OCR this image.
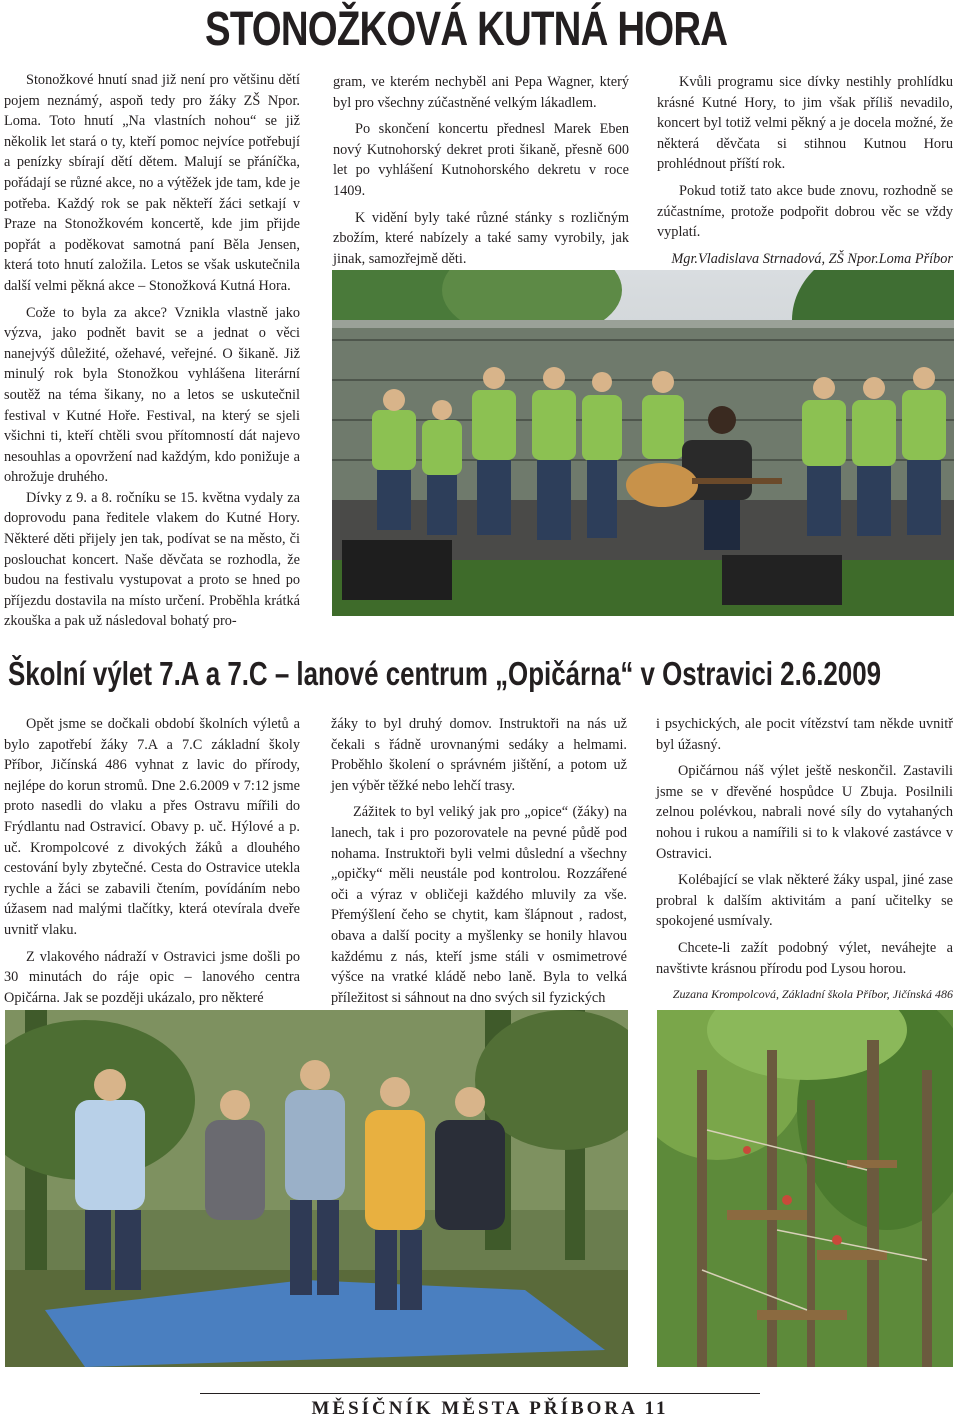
STONOŽKOVÁ KUTNÁ HORA

Stonožkové hnutí snad již není pro většinu dětí pojem neznámý, aspoň tedy pro žáky ZŠ Npor. Loma. Toto hnutí „Na vlastních nohou“ se již několik let stará o ty, kteří pomoc nejvíce potřebují a penízky sbírají dětí dětem. Malují se přáníčka, pořádají se různé akce, no a výtěžek jde tam, kde je potřeba. Každý rok se pak někteří žáci setkají v Praze na Stonožkovém koncertě, kde jim přijde popřát a poděkovat samotná paní Běla Jensen, která toto hnutí založila. Letos se však uskutečnila další velmi pěkná akce – Stonožková Kutná Hora.

Cože to byla za akce? Vznikla vlastně jako výzva, jako podnět bavit se a jednat o věci nanejvýš důležité, ožehavé, veřejné. O šikaně. Již minulý rok byla Stonožkou vyhlášena literární soutěž na téma šikany, no a letos se uskutečnil festival v Kutné Hoře. Festival, na který se sjeli všichni ti, kteří chtěli svou přítomností dát najevo nesouhlas a opovržení nad každým, kdo ponižuje a ohrožuje druhého.

Dívky z 9. a 8. ročníku se 15. května vydaly za doprovodu pana ředitele vlakem do Kutné Hory. Některé děti přijely jen tak, podívat se na město, či poslouchat koncert. Naše děvčata se rozhodla, že budou na festivalu vystupovat a proto se hned po příjezdu dostavila na místo určení. Proběhla krátká zkouška a pak už následoval bohatý pro-

gram, ve kterém nechyběl ani Pepa Wagner, který byl pro všechny zúčastněné velkým lákadlem.

Po skončení koncertu přednesl Marek Eben nový Kutnohorský dekret proti šikaně, přesně 600 let po vyhlášení Kutnohorského dekretu v roce 1409.

K vidění byly také různé stánky s rozličným zbožím, které nabízely a také samy vyrobily, jak jinak, samozřejmě děti.

Kvůli programu sice dívky nestihly prohlídku krásné Kutné Hory, to jim však příliš nevadilo, koncert byl totiž velmi pěkný a je docela možné, že některá děvčata si stihnou Kutnou Horu prohlédnout příští rok.

Pokud totiž tato akce bude znovu, rozhodně se zúčastníme, protože podpořit dobrou věc se vždy vyplatí.

Mgr.Vladislava Strnadová, ZŠ Npor.Loma Příbor

Školní výlet 7.A a 7.C – lanové centrum „Opičárna“ v Ostravici 2.6.2009

Opět jsme se dočkali období školních výletů a bylo zapotřebí žáky 7.A a 7.C základní školy Příbor, Jičínská 486 vyhnat z lavic do přírody, nejlépe do korun stromů. Dne 2.6.2009 v 7:12 jsme proto nasedli do vlaku a přes Ostravu mířili do Frýdlantu nad Ostravicí. Obavy p. uč. Hýlové a p. uč. Krompolcové z divokých žáků a dlouhého cestování byly zbytečné. Cesta do Ostravice utekla rychle a žáci se zabavili čtením, povídáním nebo úžasem nad malými tlačítky, která otevírala dveře uvnitř vlaku.

Z vlakového nádraží v Ostravici jsme došli po 30 minutách do ráje opic – lanového centra Opičárna. Jak se později ukázalo, pro některé

žáky to byl druhý domov. Instruktoři na nás už čekali s řádně urovnanými sedáky a helmami. Proběhlo školení o správném jištění, a potom už jen výběr těžké nebo lehčí trasy.

Zážitek to byl veliký jak pro „opice“ (žáky) na lanech, tak i pro pozorovatele na pevné půdě pod nohama. Instruktoři byli velmi důslední a všechny „opičky“ měli neustále pod kontrolou. Rozzářené oči a výraz v obličeji každého mluvily za vše. Přemýšlení čeho se chytit, kam šlápnout , radost, obava a další pocity a myšlenky se honily hlavou každému z nás, kteří jsme stáli v osmimetrové výšce na vratké kládě nebo laně. Byla to velká příležitost si sáhnout na dno svých sil fyzických

i psychických, ale pocit vítězství tam někde uvnitř byl úžasný.

Opičárnou náš výlet ještě neskončil. Zastavili jsme se v dřevěné hospůdce U Zbuja. Posilnili zelnou polévkou, nabrali nové síly do vytahaných nohou i rukou a namířili si to k vlakové zastávce v Ostravici.

Kolébající se vlak některé žáky uspal, jiné zase probral k dalším aktivitám a paní učitelky se spokojené usmívaly.

Chcete-li zažít podobný výlet, neváhejte a navštivte krásnou přírodu pod Lysou horou.

Zuzana Krompolcová, Základní škola Příbor, Jičínská 486

MĚSÍČNÍK MĚSTA PŘÍBORA 11
